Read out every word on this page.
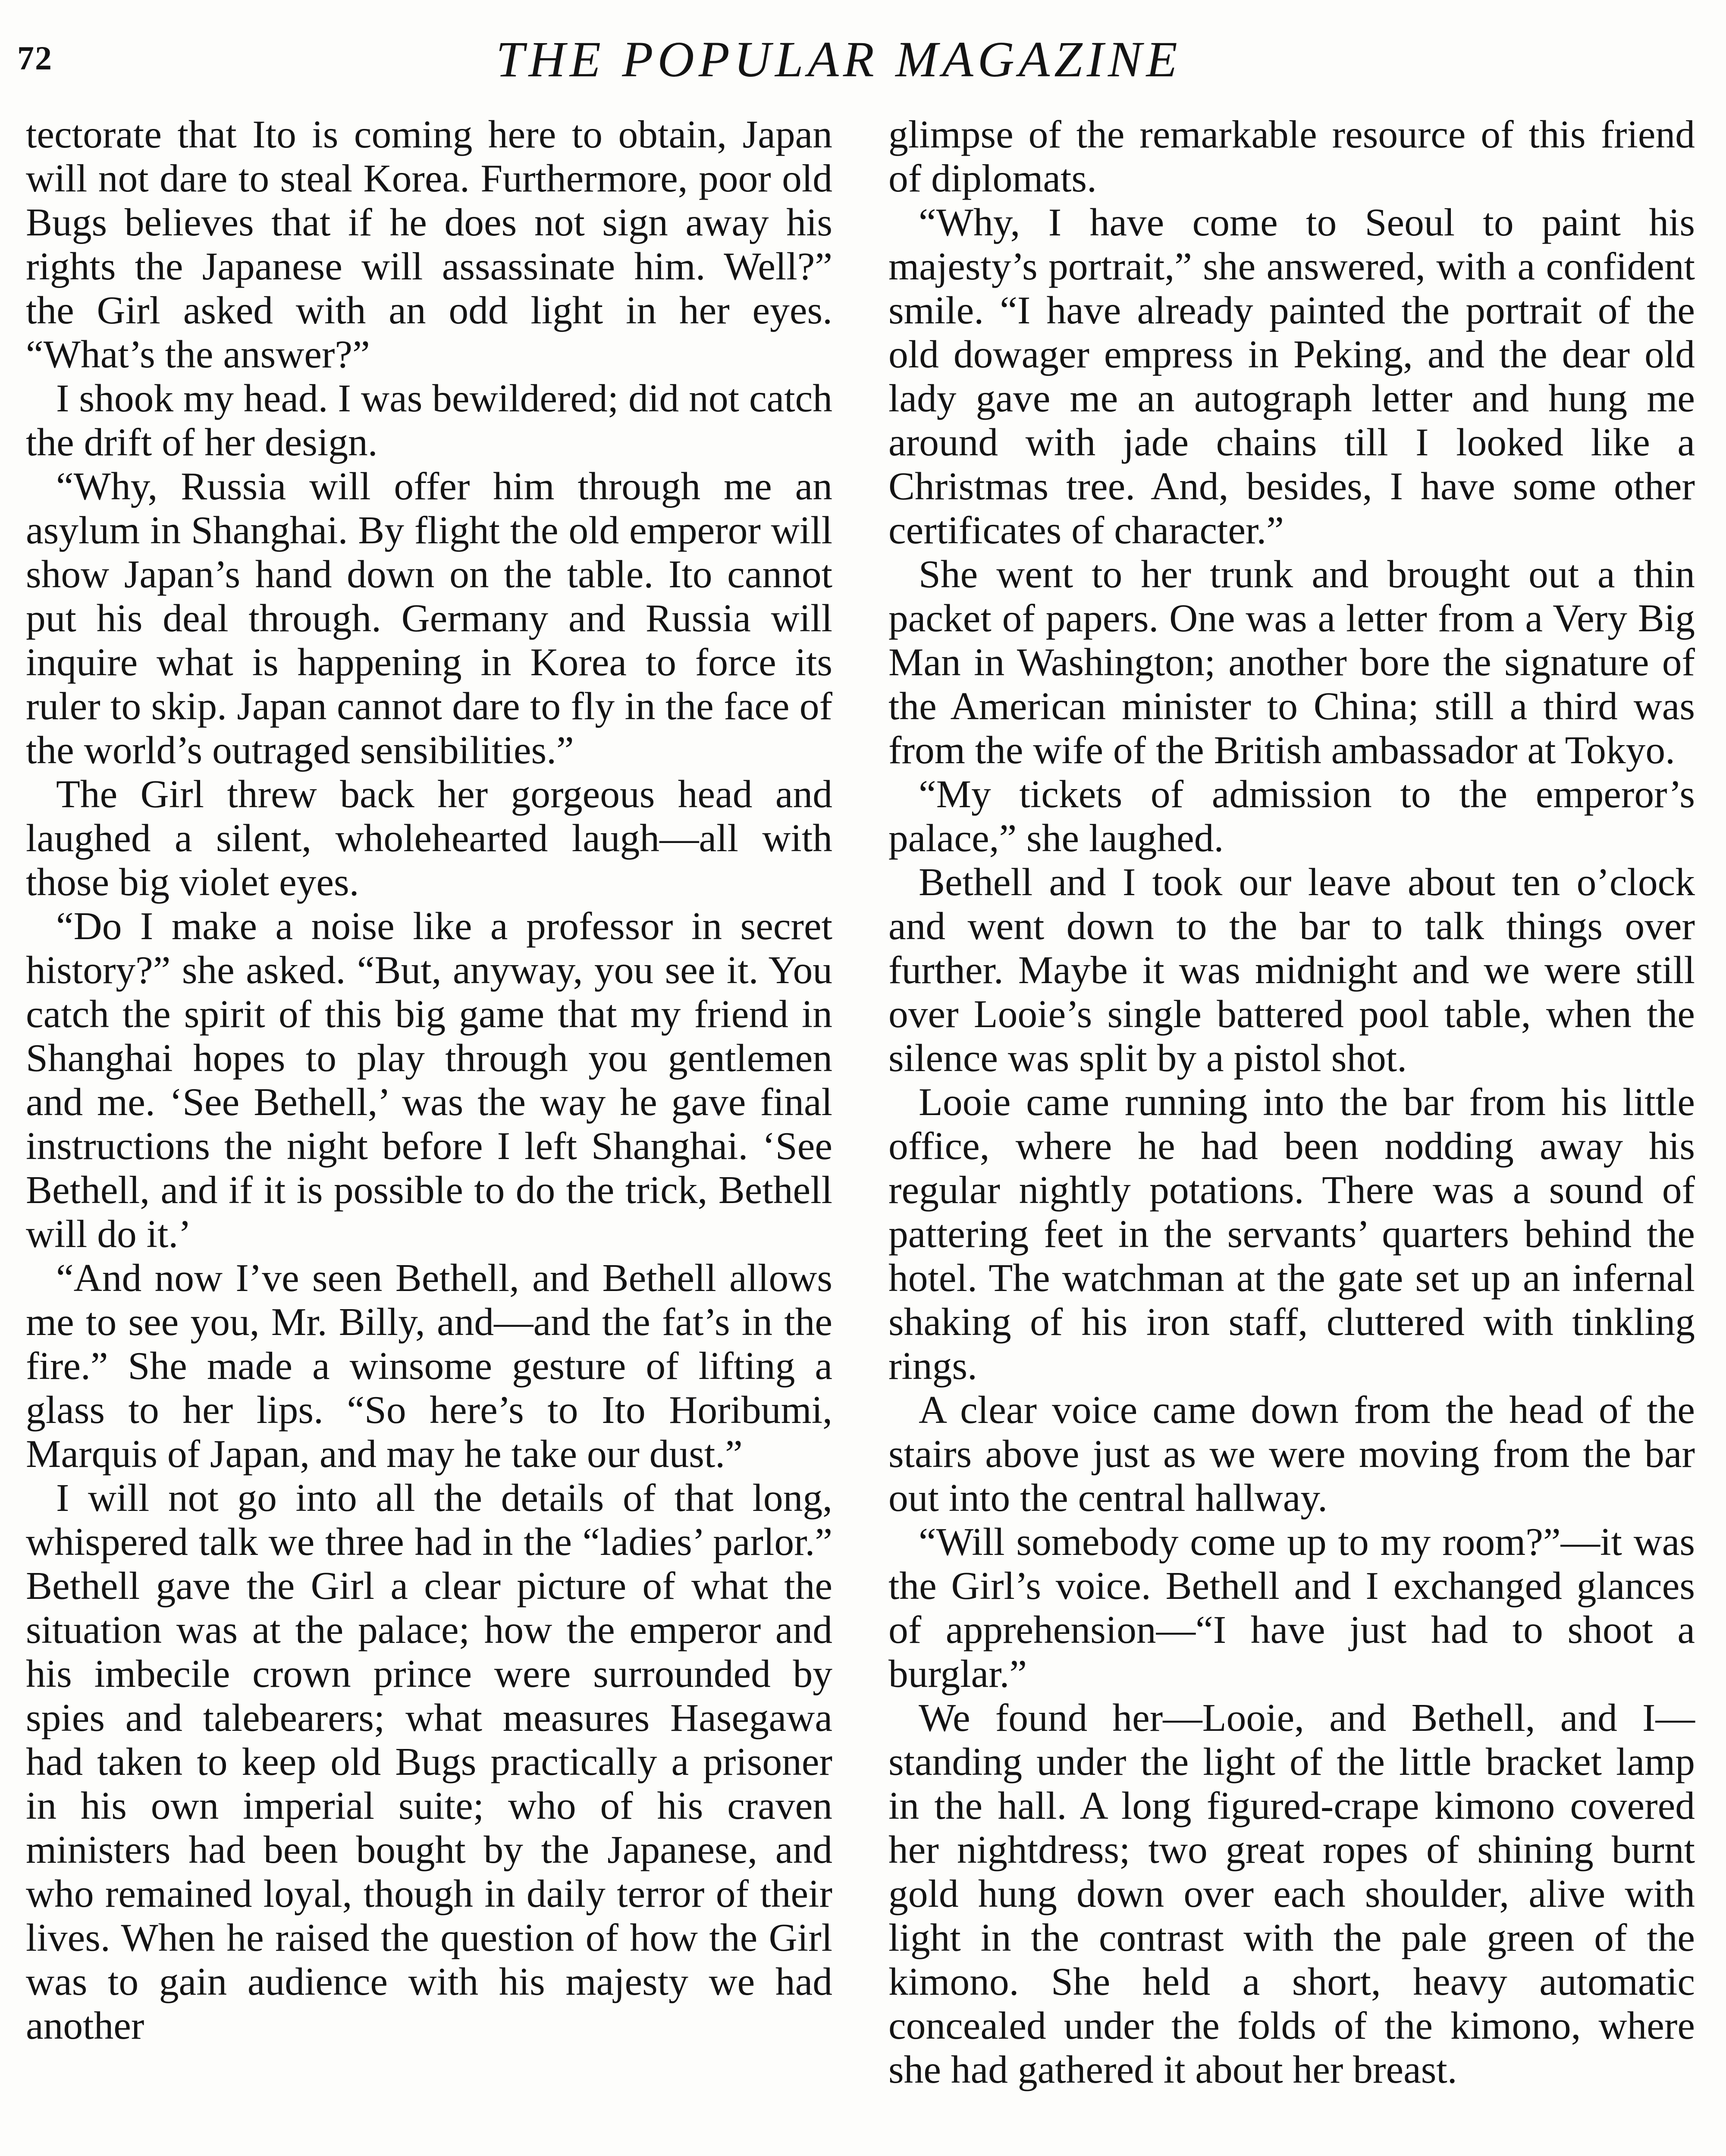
72	THE POPULAR MAGAZINE

tectorate that Ito is coming here to obtain, Japan will not dare to steal Korea. Furthermore, poor old Bugs believes that if he does not sign away his rights the Japanese will assassinate him. Well?” the Girl asked with an odd light in her eyes. “What’s the answer?”

I shook my head. I was bewildered; did not catch the drift of her design.

“Why, Russia will offer him through me an asylum in Shanghai. By flight the old emperor will show Japan’s hand down on the table. Ito cannot put his deal through. Germany and Russia will inquire what is happening in Korea to force its ruler to skip. Japan cannot dare to fly in the face of the world’s outraged sensibilities.”

The Girl threw back her gorgeous head and laughed a silent, wholehearted laugh—all with those big violet eyes.

“Do I make a noise like a professor in secret history?” she asked. “But, anyway, you see it. You catch the spirit of this big game that my friend in Shanghai hopes to play through you gentlemen and me. ‘See Bethell,’ was the way he gave final instructions the night before I left Shanghai. ‘See Bethell, and if it is possible to do the trick, Bethell will do it.’

“And now I’ve seen Bethell, and Bethell allows me to see you, Mr. Billy, and—and the fat’s in the fire.” She made a winsome gesture of lifting a glass to her lips. “So here’s to Ito Horibumi, Marquis of Japan, and may he take our dust.”

I will not go into all the details of that long, whispered talk we three had in the “ladies’ parlor.” Bethell gave the Girl a clear picture of what the situation was at the palace; how the emperor and his imbecile crown prince were surrounded by spies and talebearers; what measures Hasegawa had taken to keep old Bugs practically a prisoner in his own imperial suite; who of his craven ministers had been bought by the Japanese, and who remained loyal, though in daily terror of their lives. When he raised the question of how the Girl was to gain audience with his majesty we had another

glimpse of the remarkable resource of this friend of diplomats.

“Why, I have come to Seoul to paint his majesty’s portrait,” she answered, with a confident smile. “I have already painted the portrait of the old dowager empress in Peking, and the dear old lady gave me an autograph letter and hung me around with jade chains till I looked like a Christmas tree. And, besides, I have some other certificates of character.”

She went to her trunk and brought out a thin packet of papers. One was a letter from a Very Big Man in Washington; another bore the signature of the American minister to China; still a third was from the wife of the British ambassador at Tokyo.

“My tickets of admission to the emperor’s palace,” she laughed.

Bethell and I took our leave about ten o’clock and went down to the bar to talk things over further. Maybe it was midnight and we were still over Looie’s single battered pool table, when the silence was split by a pistol shot.

Looie came running into the bar from his little office, where he had been nodding away his regular nightly potations. There was a sound of pattering feet in the servants’ quarters behind the hotel. The watchman at the gate set up an infernal shaking of his iron staff, cluttered with tinkling rings.

A clear voice came down from the head of the stairs above just as we were moving from the bar out into the central hallway.

“Will somebody come up to my room?”—it was the Girl’s voice. Bethell and I exchanged glances of apprehension—“I have just had to shoot a burglar.”

We found her—Looie, and Bethell, and I—standing under the light of the little bracket lamp in the hall. A long figured-crape kimono covered her nightdress; two great ropes of shining burnt gold hung down over each shoulder, alive with light in the contrast with the pale green of the kimono. She held a short, heavy automatic concealed under the folds of the kimono, where she had gathered it about her breast.
